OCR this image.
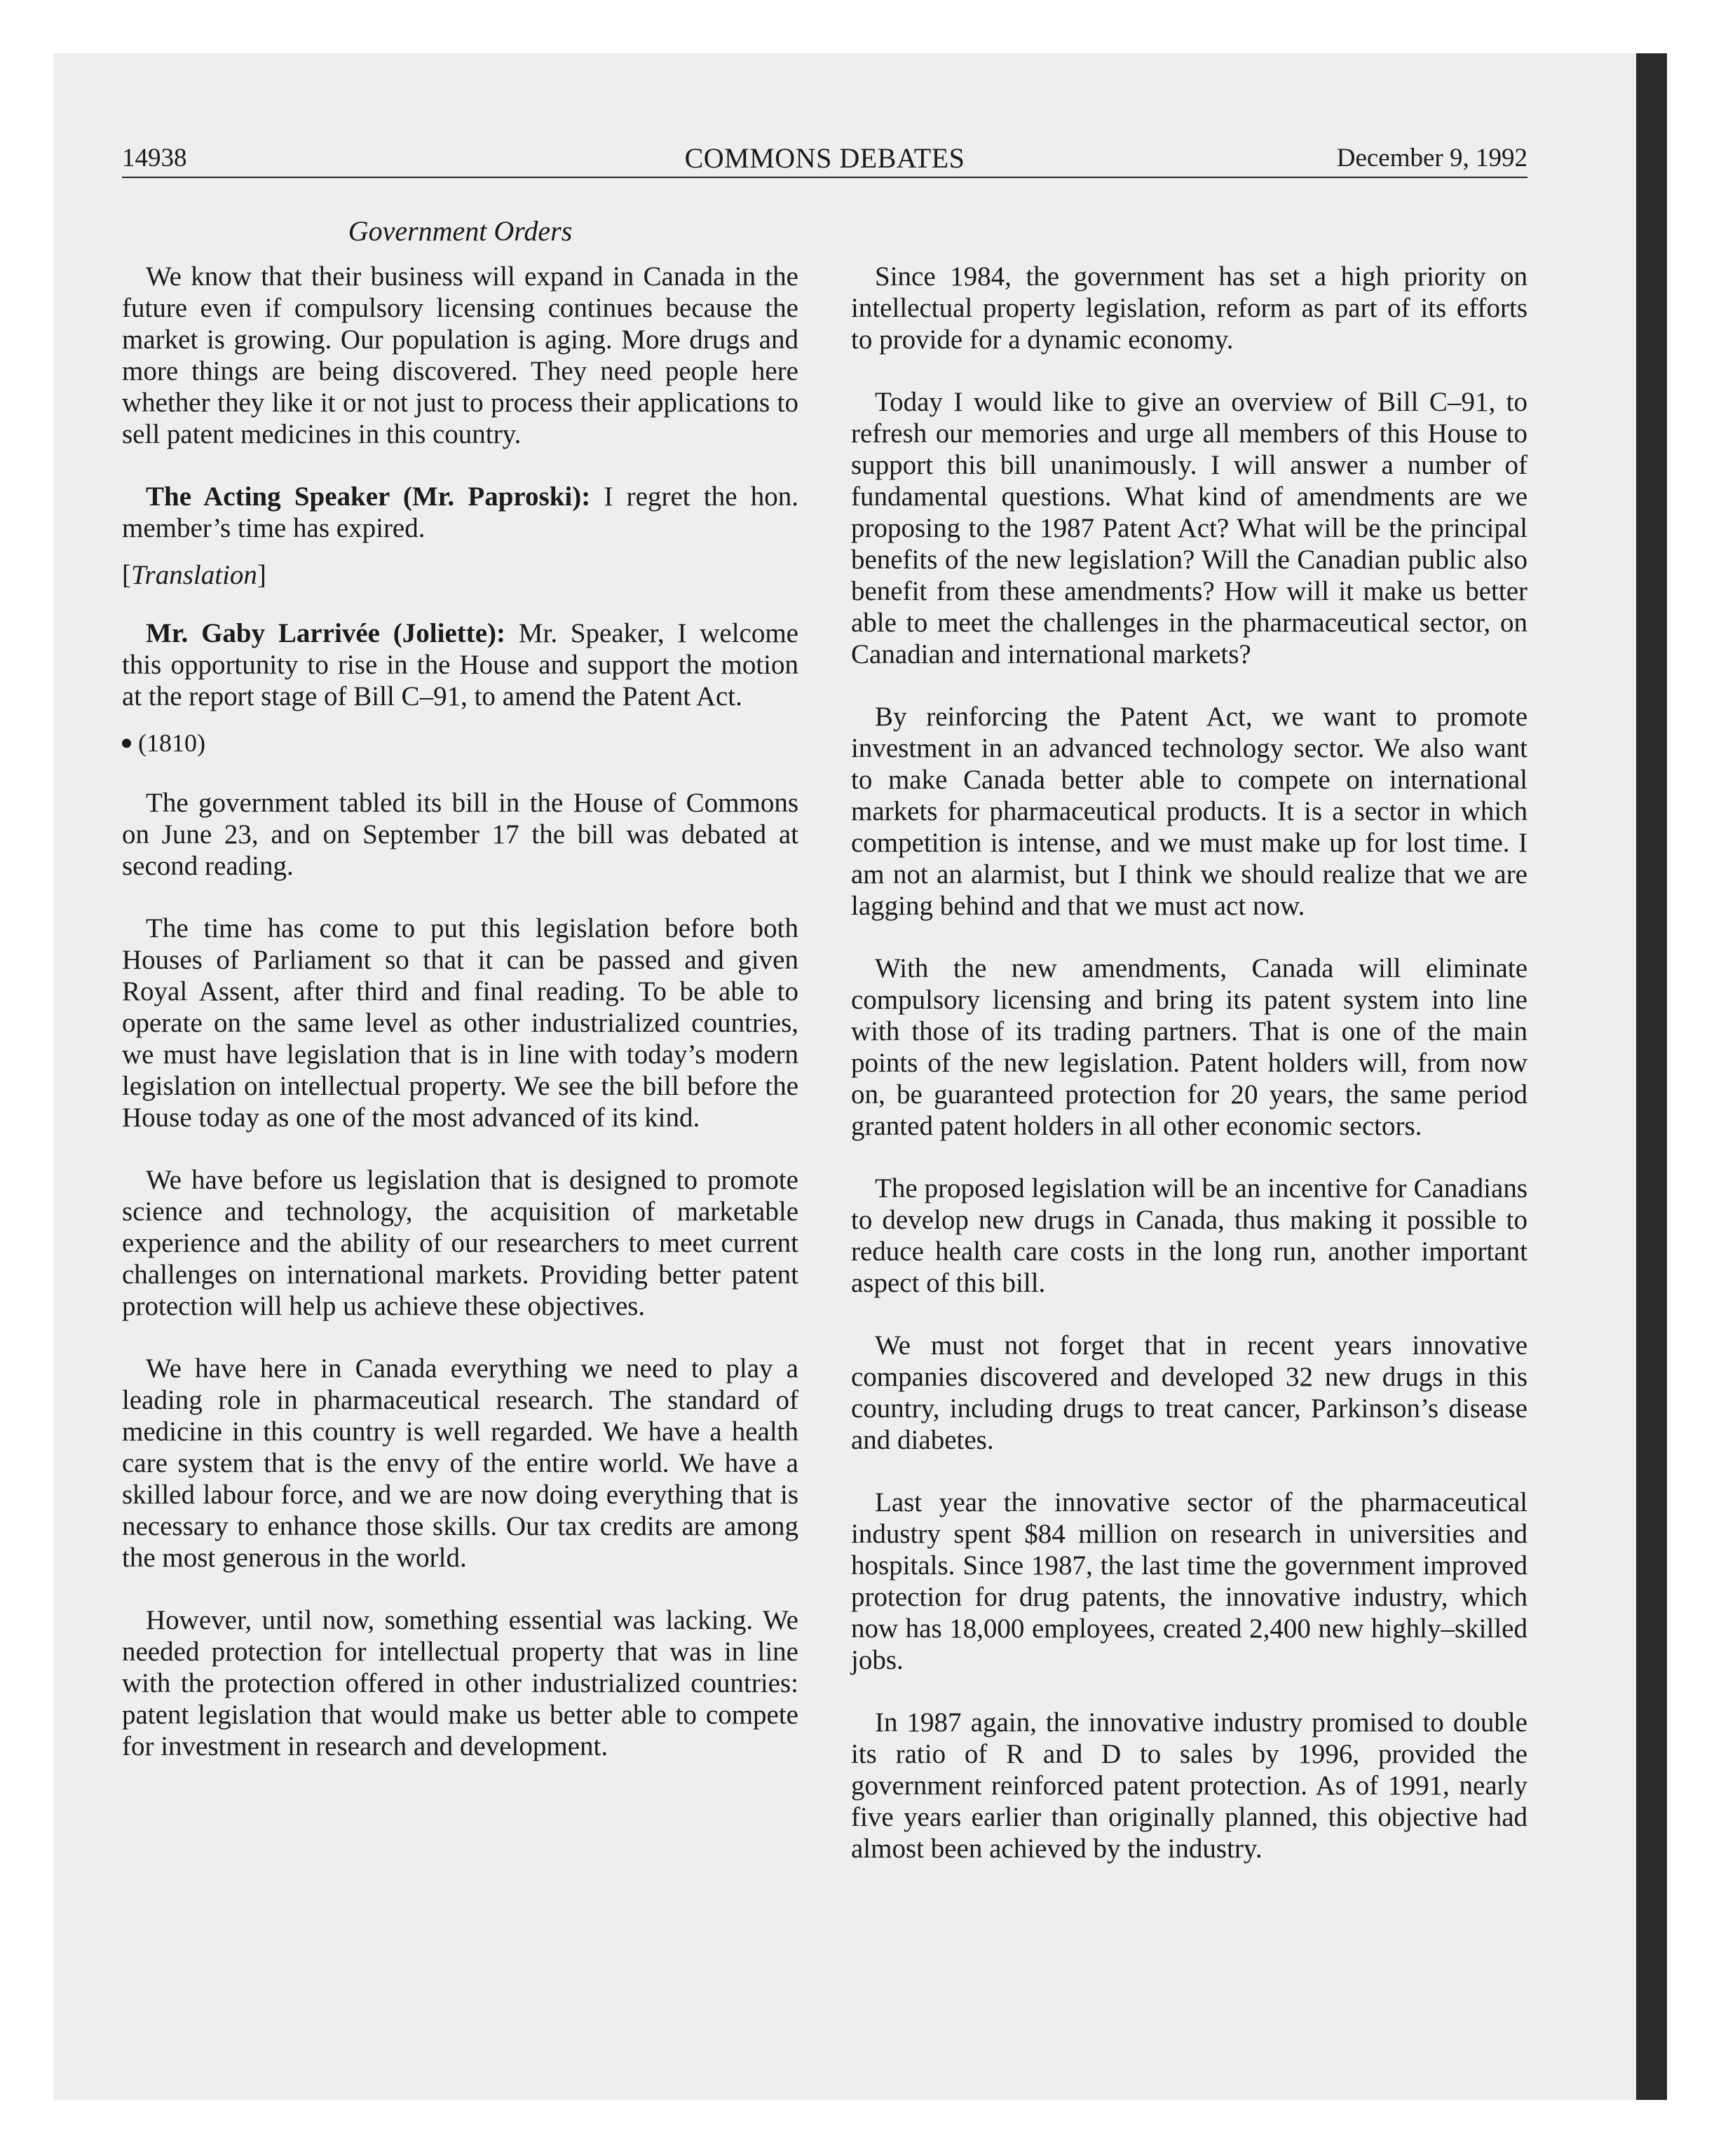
14938	COMMONS DEBATES	December 9, 1992
Government Orders

We know that their business will expand in Canada in the future even if compulsory licensing continues because the market is growing. Our population is aging. More drugs and more things are being discovered. They need people here whether they like it or not just to process their applications to sell patent medicines in this country.

The Acting Speaker (Mr. Paproski): I regret the hon. member’s time has expired.

[Translation]

Mr. Gaby Larrivée (Joliette): Mr. Speaker, I welcome this opportunity to rise in the House and support the motion at the report stage of Bill C–91, to amend the Patent Act.

(1810)

The government tabled its bill in the House of Commons on June 23, and on September 17 the bill was debated at second reading.

The time has come to put this legislation before both Houses of Parliament so that it can be passed and given Royal Assent, after third and final reading. To be able to operate on the same level as other industrialized countries, we must have legislation that is in line with today’s modern legislation on intellectual property. We see the bill before the House today as one of the most advanced of its kind.

We have before us legislation that is designed to promote science and technology, the acquisition of marketable experience and the ability of our researchers to meet current challenges on international markets. Providing better patent protection will help us achieve these objectives.

We have here in Canada everything we need to play a leading role in pharmaceutical research. The standard of medicine in this country is well regarded. We have a health care system that is the envy of the entire world. We have a skilled labour force, and we are now doing everything that is necessary to enhance those skills. Our tax credits are among the most generous in the world.

However, until now, something essential was lacking. We needed protection for intellectual property that was in line with the protection offered in other industrialized countries: patent legislation that would make us better able to compete for investment in research and development.

Since 1984, the government has set a high priority on intellectual property legislation, reform as part of its efforts to provide for a dynamic economy.

Today I would like to give an overview of Bill C–91, to refresh our memories and urge all members of this House to support this bill unanimously. I will answer a number of fundamental questions. What kind of amendments are we proposing to the 1987 Patent Act? What will be the principal benefits of the new legislation? Will the Canadian public also benefit from these amendments? How will it make us better able to meet the challenges in the pharmaceutical sector, on Canadian and international markets?

By reinforcing the Patent Act, we want to promote investment in an advanced technology sector. We also want to make Canada better able to compete on international markets for pharmaceutical products. It is a sector in which competition is intense, and we must make up for lost time. I am not an alarmist, but I think we should realize that we are lagging behind and that we must act now.

With the new amendments, Canada will eliminate compulsory licensing and bring its patent system into line with those of its trading partners. That is one of the main points of the new legislation. Patent holders will, from now on, be guaranteed protection for 20 years, the same period granted patent holders in all other economic sectors.

The proposed legislation will be an incentive for Canadians to develop new drugs in Canada, thus making it possible to reduce health care costs in the long run, another important aspect of this bill.

We must not forget that in recent years innovative companies discovered and developed 32 new drugs in this country, including drugs to treat cancer, Parkinson’s disease and diabetes.

Last year the innovative sector of the pharmaceutical industry spent $84 million on research in universities and hospitals. Since 1987, the last time the government improved protection for drug patents, the innovative industry, which now has 18,000 employees, created 2,400 new highly–skilled jobs.

In 1987 again, the innovative industry promised to double its ratio of R and D to sales by 1996, provided the government reinforced patent protection. As of 1991, nearly five years earlier than originally planned, this objective had almost been achieved by the industry.
